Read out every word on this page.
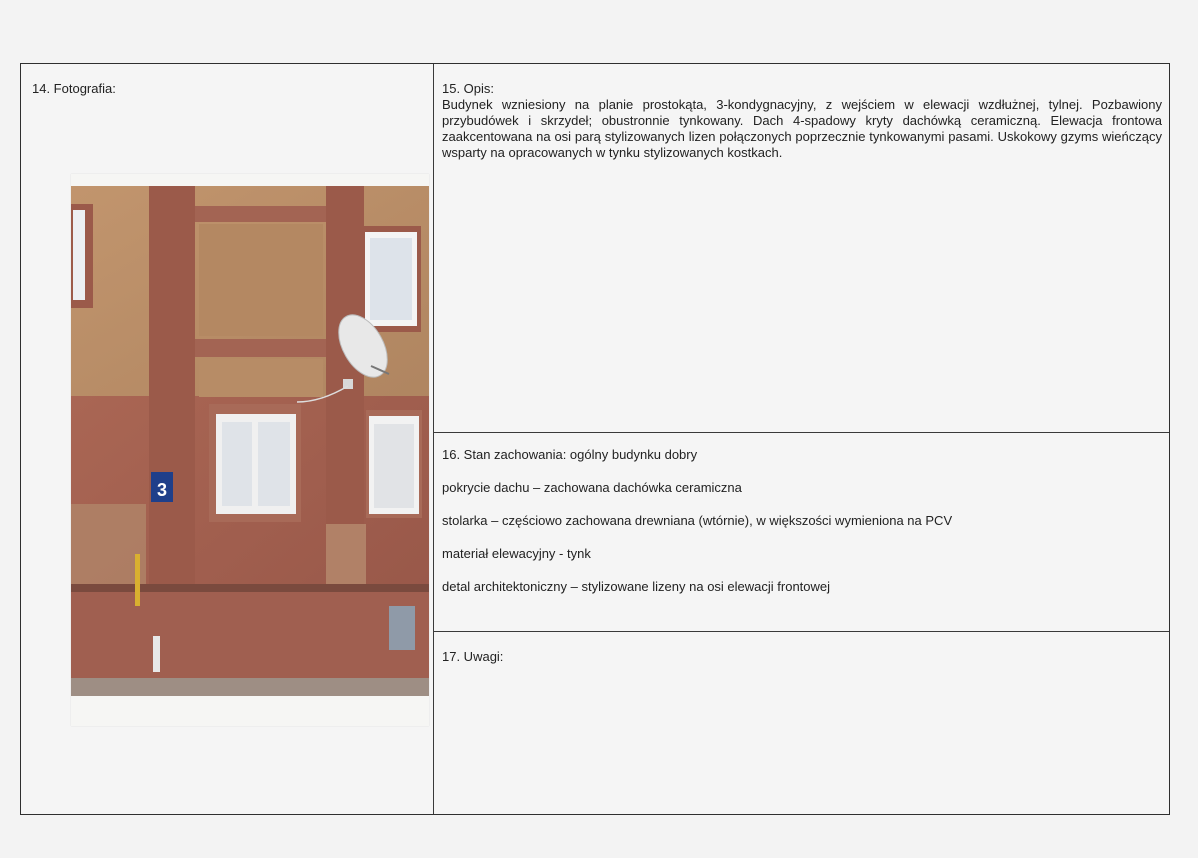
14. Fotografia:
3
15. Opis:
Budynek wzniesiony na planie prostokąta, 3-kondygnacyjny, z wejściem w elewacji wzdłużnej, tylnej. Pozbawiony przybudówek i skrzydeł; obustronnie tynkowany. Dach 4-spadowy kryty dachówką ceramiczną. Elewacja frontowa zaakcentowana na osi parą stylizowanych lizen połączonych poprzecznie tynkowanymi pasami. Uskokowy gzyms wieńczący wsparty na opracowanych w tynku stylizowanych kostkach.

16. Stan zachowania: ogólny budynku dobry

pokrycie dachu – zachowana dachówka ceramiczna

stolarka – częściowo zachowana drewniana (wtórnie), w większości wymieniona na PCV

materiał elewacyjny - tynk

detal architektoniczny – stylizowane lizeny na osi elewacji frontowej

17. Uwagi:
